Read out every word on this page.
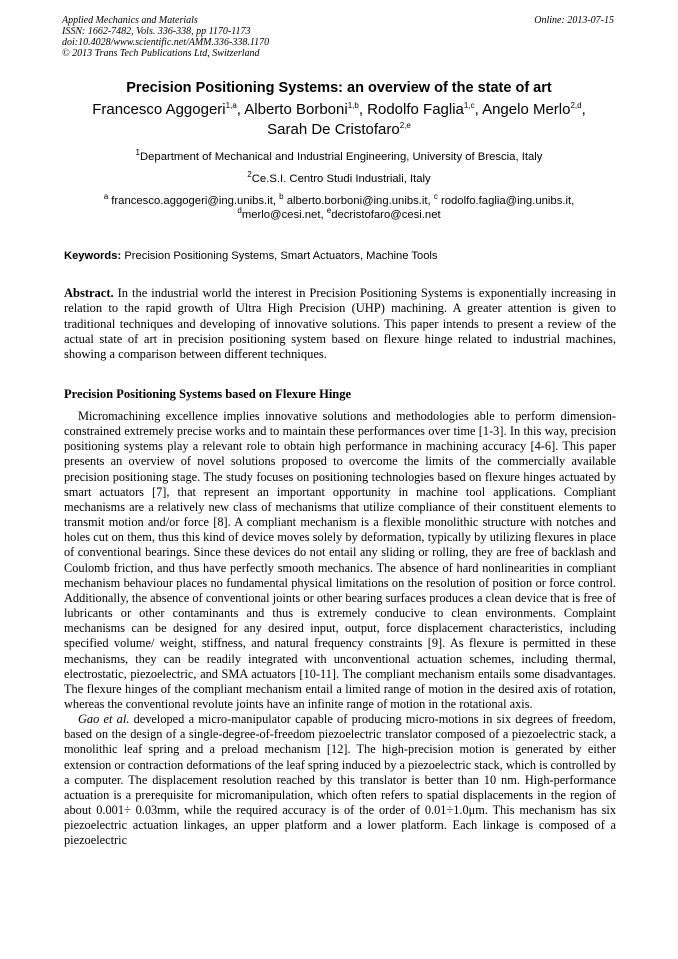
Applied Mechanics and Materials
ISSN: 1662-7482, Vols. 336-338, pp 1170-1173
doi:10.4028/www.scientific.net/AMM.336-338.1170
© 2013 Trans Tech Publications Ltd, Switzerland
Online: 2013-07-15
Precision Positioning Systems: an overview of the state of art
Francesco Aggogeri$^{1,a}$, Alberto Borboni$^{1,b}$, Rodolfo Faglia$^{1,c}$, Angelo Merlo$^{2,d}$,
Sarah De Cristofaro$^{2,e}$
$^1$Department of Mechanical and Industrial Engineering, University of Brescia, Italy
$^2$Ce.S.I. Centro Studi Industriali, Italy
$^a$ francesco.aggogeri@ing.unibs.it, $^b$ alberto.borboni@ing.unibs.it, $^c$ rodolfo.faglia@ing.unibs.it,
$^d$merlo@cesi.net, $^e$decristofaro@cesi.net
Keywords: Precision Positioning Systems, Smart Actuators, Machine Tools
Abstract. In the industrial world the interest in Precision Positioning Systems is exponentially increasing in relation to the rapid growth of Ultra High Precision (UHP) machining. A greater attention is given to traditional techniques and developing of innovative solutions. This paper intends to present a review of the actual state of art in precision positioning system based on flexure hinge related to industrial machines, showing a comparison between different techniques.
Precision Positioning Systems based on Flexure Hinge

Micromachining excellence implies innovative solutions and methodologies able to perform dimension-constrained extremely precise works and to maintain these performances over time [1-3]. In this way, precision positioning systems play a relevant role to obtain high performance in machining accuracy [4-6]. This paper presents an overview of novel solutions proposed to overcome the limits of the commercially available precision positioning stage. The study focuses on positioning technologies based on flexure hinges actuated by smart actuators [7], that represent an important opportunity in machine tool applications. Compliant mechanisms are a relatively new class of mechanisms that utilize compliance of their constituent elements to transmit motion and/or force [8]. A compliant mechanism is a flexible monolithic structure with notches and holes cut on them, thus this kind of device moves solely by deformation, typically by utilizing flexures in place of conventional bearings. Since these devices do not entail any sliding or rolling, they are free of backlash and Coulomb friction, and thus have perfectly smooth mechanics. The absence of hard nonlinearities in compliant mechanism behaviour places no fundamental physical limitations on the resolution of position or force control. Additionally, the absence of conventional joints or other bearing surfaces produces a clean device that is free of lubricants or other contaminants and thus is extremely conducive to clean environments. Complaint mechanisms can be designed for any desired input, output, force displacement characteristics, including specified volume/ weight, stiffness, and natural frequency constraints [9]. As flexure is permitted in these mechanisms, they can be readily integrated with unconventional actuation schemes, including thermal, electrostatic, piezoelectric, and SMA actuators [10-11]. The compliant mechanism entails some disadvantages. The flexure hinges of the compliant mechanism entail a limited range of motion in the desired axis of rotation, whereas the conventional revolute joints have an infinite range of motion in the rotational axis.

Gao et al. developed a micro-manipulator capable of producing micro-motions in six degrees of freedom, based on the design of a single-degree-of-freedom piezoelectric translator composed of a piezoelectric stack, a monolithic leaf spring and a preload mechanism [12]. The high-precision motion is generated by either extension or contraction deformations of the leaf spring induced by a piezoelectric stack, which is controlled by a computer. The displacement resolution reached by this translator is better than 10 nm. High-performance actuation is a prerequisite for micromanipulation, which often refers to spatial displacements in the region of about 0.001÷ 0.03mm, while the required accuracy is of the order of 0.01÷1.0μm. This mechanism has six piezoelectric actuation linkages, an upper platform and a lower platform. Each linkage is composed of a piezoelectric
